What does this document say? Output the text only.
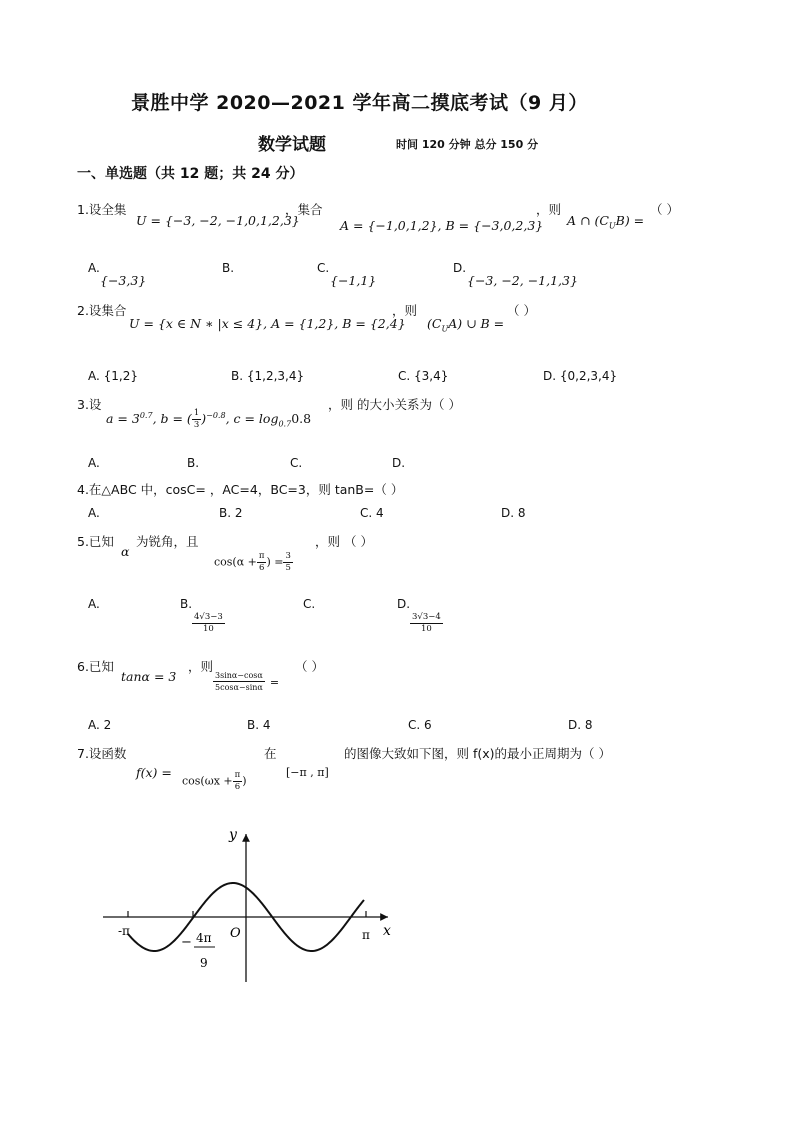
景胜中学 2020—2021 学年高二摸底考试（9 月）
数学试题	时间 120 分钟 总分 150 分
一、单选题（共 12 题；共 24 分）
1.设全集
U = {−3, −2, −1,0,1,2,3}
，集合
A = {−1,0,1,2}, B = {−3,0,2,3}
，则
A ∩ $(C_UB)$ =
（ ）
A.
{−3,3}
B.	C.
{−1,1}
D.
{−3, −2, −1,1,3}
2.设集合
U = {x ∈ N ∗ |x ≤ 4}, A = {1,2}, B = {2,4}
，则
$(C_UA)$ ∪ B =
（ ）
A. {1,2}	B. {1,2,3,4}	C. {3,4}	D. {0,2,3,4}
3.设
$a = 3^{0.7}$, b = ( $\frac{1}{3} )^{-0.8}$, $c = \log_{0.7}0.8$
，则 的大小关系为（ ）
A.	B.	C.	D.
4.在△ABC 中，cosC= ，AC=4，BC=3，则 tanB=（ ）
A.	B. 2	C. 4	D. 8
5.已知
α
为锐角，且
$\cos(\alpha + \frac{\pi}{6}$ ) = $\frac{3}{5}$
，则 （ ）
A.	B.
$\frac{4√3-3}{10}$
C.	D.
$\frac{3√3-4}{10}$
6.已知
tanα = 3
，则
$\frac{3\sin\alpha-\cos\alpha}{5\cos\alpha-\sin\alpha}$ =
（ ）
A. 2	B. 4	C. 6	D. 8
7.设函数	在	的图像大致如下图，则 f(x)的最小正周期为（ ）
f(x) =
$\cos(\omega x + \frac{\pi}{6}$ )
[−π , π]
y
x
O
-π	π
− 4π
9
